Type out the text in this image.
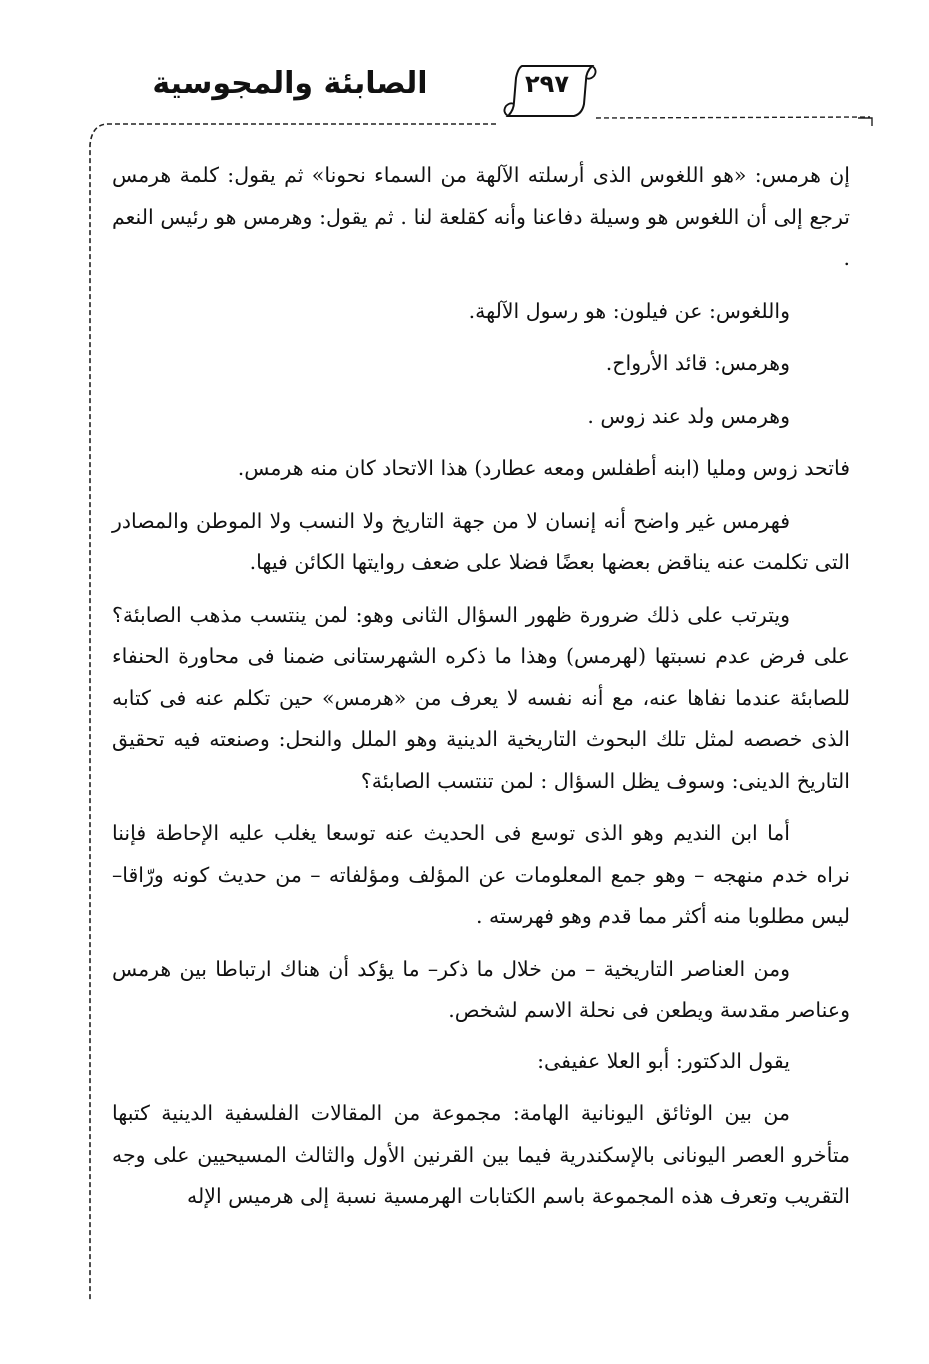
٢٩٧
الصابئة والمجوسية

إن هرمس: «هو اللغوس الذى أرسلته الآلهة من السماء نحونا» ثم يقول: كلمة هرمس ترجع إلى أن اللغوس هو وسيلة دفاعنا وأنه كقلعة لنا . ثم يقول: وهرمس هو رئيس النعم .

واللغوس: عن فيلون: هو رسول الآلهة.

وهرمس: قائد الأرواح.

وهرمس ولد عند زوس .

فاتحد زوس ومليا (ابنه أطفلس ومعه عطارد) هذا الاتحاد كان منه هرمس.

فهرمس غير واضح أنه إنسان لا من جهة التاريخ ولا النسب ولا الموطن والمصادر التى تكلمت عنه يناقض بعضها بعضًا فضلا على ضعف روايتها الكائن فيها.

ويترتب على ذلك ضرورة ظهور السؤال الثانى وهو: لمن ينتسب مذهب الصابئة؟ على فرض عدم نسبتها (لهرمس) وهذا ما ذكره الشهرستانى ضمنا فى محاورة الحنفاء للصابئة عندما نفاها عنه، مع أنه نفسه لا يعرف من «هرمس» حين تكلم عنه فى كتابه الذى خصصه لمثل تلك البحوث التاريخية الدينية وهو الملل والنحل: وصنعته فيه تحقيق التاريخ الدينى: وسوف يظل السؤال : لمن تنتسب الصابئة؟

أما ابن النديم وهو الذى توسع فى الحديث عنه توسعا يغلب عليه الإحاطة فإننا نراه خدم منهجه – وهو جمع المعلومات عن المؤلف ومؤلفاته – من حديث كونه ورّاقا– ليس مطلوبا منه أكثر مما قدم وهو فهرسته .

ومن العناصر التاريخية – من خلال ما ذكر– ما يؤكد أن هناك ارتباطا بين هرمس وعناصر مقدسة ويطعن فى نحلة الاسم لشخص.

يقول الدكتور: أبو العلا عفيفى:

من بين الوثائق اليونانية الهامة: مجموعة من المقالات الفلسفية الدينية كتبها متأخرو العصر اليونانى بالإسكندرية فيما بين القرنين الأول والثالث المسيحيين على وجه التقريب وتعرف هذه المجموعة باسم الكتابات الهرمسية نسبة إلى هرميس الإله
